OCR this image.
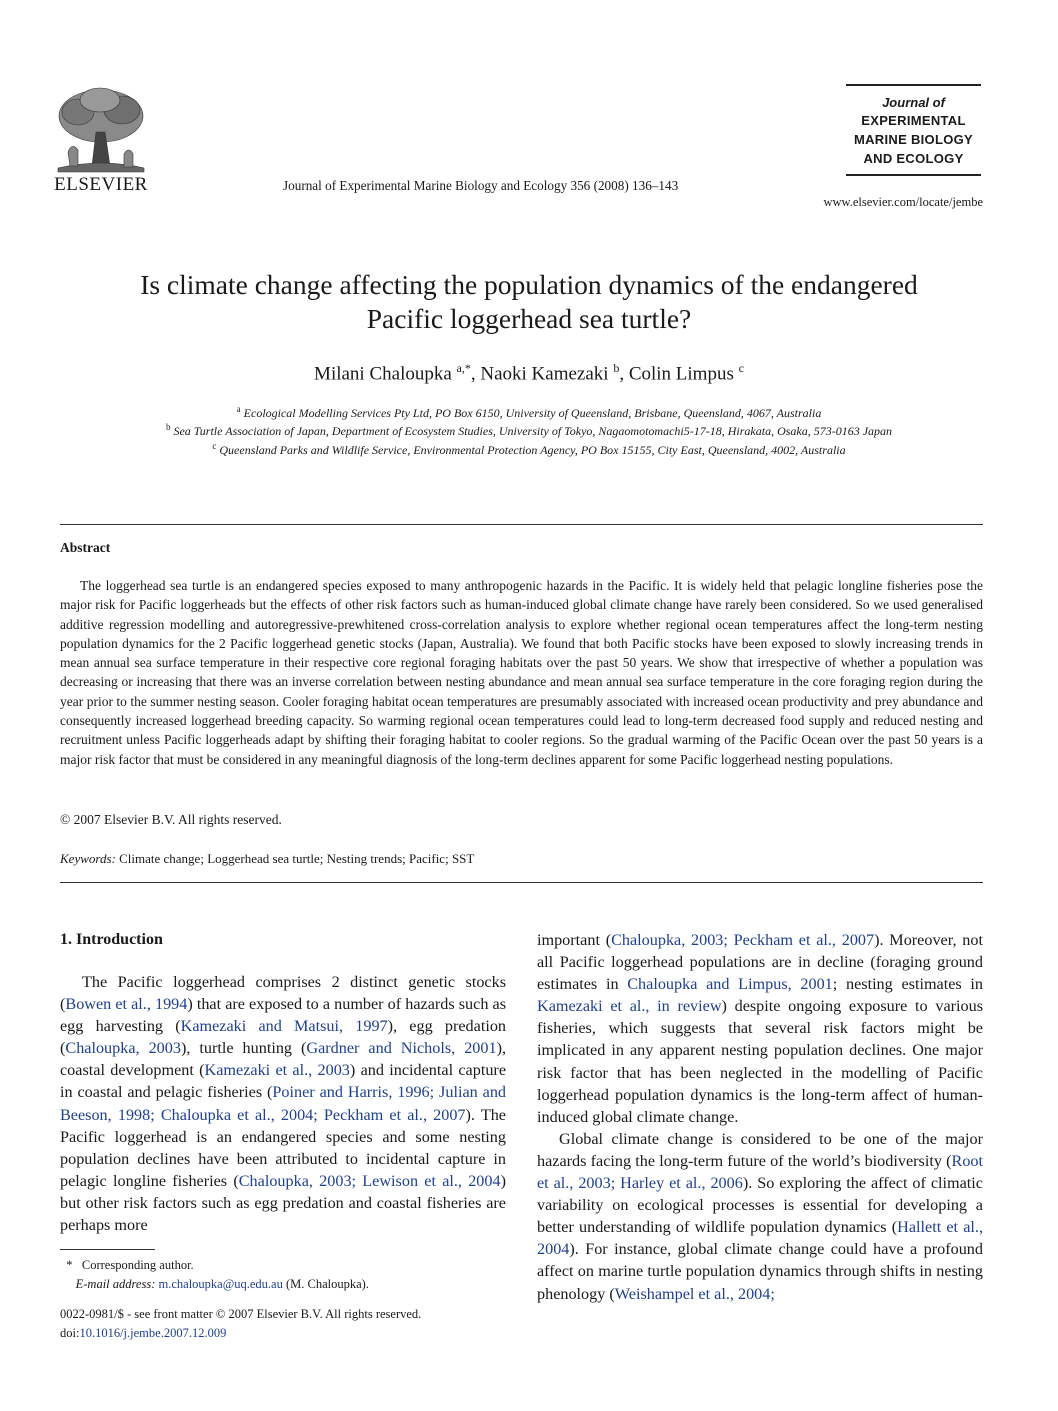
ELSEVIER	Journal of Experimental Marine Biology and Ecology 356 (2008) 136–143
Journal of
EXPERIMENTAL
MARINE BIOLOGY
AND ECOLOGY
www.elsevier.com/locate/jembe
Is climate change affecting the population dynamics of the endangered
Pacific loggerhead sea turtle?
Milani Chaloupka $^{a,*}$, Naoki Kamezaki $^b$, Colin Limpus $^c$
$^a$ Ecological Modelling Services Pty Ltd, PO Box 6150, University of Queensland, Brisbane, Queensland, 4067, Australia
$^b$ Sea Turtle Association of Japan, Department of Ecosystem Studies, University of Tokyo, Nagaomotomachi5-17-18, Hirakata, Osaka, 573-0163 Japan
$^c$ Queensland Parks and Wildlife Service, Environmental Protection Agency, PO Box 15155, City East, Queensland, 4002, Australia
Abstract
The loggerhead sea turtle is an endangered species exposed to many anthropogenic hazards in the Pacific. It is widely held that pelagic longline fisheries pose the major risk for Pacific loggerheads but the effects of other risk factors such as human-induced global climate change have rarely been considered. So we used generalised additive regression modelling and autoregressive-prewhitened cross-correlation analysis to explore whether regional ocean temperatures affect the long-term nesting population dynamics for the 2 Pacific loggerhead genetic stocks (Japan, Australia). We found that both Pacific stocks have been exposed to slowly increasing trends in mean annual sea surface temperature in their respective core regional foraging habitats over the past 50 years. We show that irrespective of whether a population was decreasing or increasing that there was an inverse correlation between nesting abundance and mean annual sea surface temperature in the core foraging region during the year prior to the summer nesting season. Cooler foraging habitat ocean temperatures are presumably associated with increased ocean productivity and prey abundance and consequently increased loggerhead breeding capacity. So warming regional ocean temperatures could lead to long-term decreased food supply and reduced nesting and recruitment unless Pacific loggerheads adapt by shifting their foraging habitat to cooler regions. So the gradual warming of the Pacific Ocean over the past 50 years is a major risk factor that must be considered in any meaningful diagnosis of the long-term declines apparent for some Pacific loggerhead nesting populations.
© 2007 Elsevier B.V. All rights reserved.
Keywords: Climate change; Loggerhead sea turtle; Nesting trends; Pacific; SST
1. Introduction

The Pacific loggerhead comprises 2 distinct genetic stocks (Bowen et al., 1994) that are exposed to a number of hazards such as egg harvesting (Kamezaki and Matsui, 1997), egg predation (Chaloupka, 2003), turtle hunting (Gardner and Nichols, 2001), coastal development (Kamezaki et al., 2003) and incidental capture in coastal and pelagic fisheries (Poiner and Harris, 1996; Julian and Beeson, 1998; Chaloupka et al., 2004; Peckham et al., 2007). The Pacific loggerhead is an endangered species and some nesting population declines have been attributed to incidental capture in pelagic longline fisheries (Chaloupka, 2003; Lewison et al., 2004) but other risk factors such as egg predation and coastal fisheries are perhaps more

important (Chaloupka, 2003; Peckham et al., 2007). Moreover, not all Pacific loggerhead populations are in decline (foraging ground estimates in Chaloupka and Limpus, 2001; nesting estimates in Kamezaki et al., in review) despite ongoing exposure to various fisheries, which suggests that several risk factors might be implicated in any apparent nesting population declines. One major risk factor that has been neglected in the modelling of Pacific loggerhead population dynamics is the long-term affect of human-induced global climate change.

Global climate change is considered to be one of the major hazards facing the long-term future of the world’s biodiversity (Root et al., 2003; Harley et al., 2006). So exploring the affect of climatic variability on ecological processes is essential for developing a better understanding of wildlife population dynamics (Hallett et al., 2004). For instance, global climate change could have a profound affect on marine turtle population dynamics through shifts in nesting phenology (Weishampel et al., 2004;

* Corresponding author.
E-mail address: m.chaloupka@uq.edu.au (M. Chaloupka).
0022-0981/$ - see front matter © 2007 Elsevier B.V. All rights reserved.
doi:10.1016/j.jembe.2007.12.009
